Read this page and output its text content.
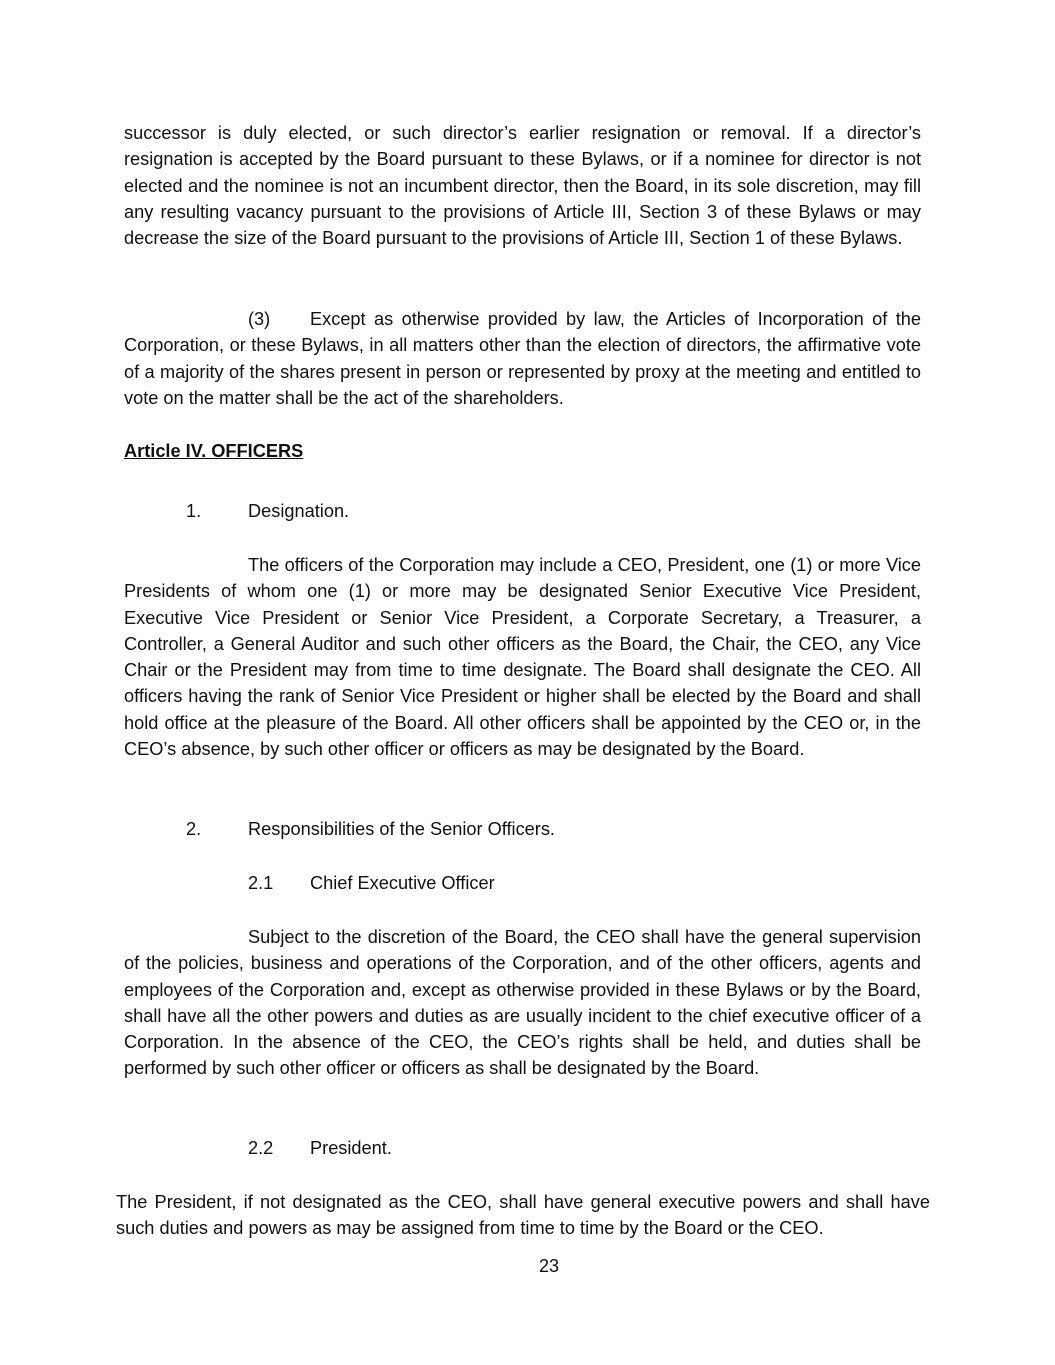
successor is duly elected, or such director’s earlier resignation or removal. If a director’s resignation is accepted by the Board pursuant to these Bylaws, or if a nominee for director is not elected and the nominee is not an incumbent director, then the Board, in its sole discretion, may fill any resulting vacancy pursuant to the provisions of Article III, Section 3 of these Bylaws or may decrease the size of the Board pursuant to the provisions of Article III, Section 1 of these Bylaws.

(3)	Except as otherwise provided by law, the Articles of Incorporation of the Corporation, or these Bylaws, in all matters other than the election of directors, the affirmative vote of a majority of the shares present in person or represented by proxy at the meeting and entitled to vote on the matter shall be the act of the shareholders.

Article IV. OFFICERS

1.	Designation.

The officers of the Corporation may include a CEO, President, one (1) or more Vice Presidents of whom one (1) or more may be designated Senior Executive Vice President, Executive Vice President or Senior Vice President, a Corporate Secretary, a Treasurer, a Controller, a General Auditor and such other officers as the Board, the Chair, the CEO, any Vice Chair or the President may from time to time designate. The Board shall designate the CEO. All officers having the rank of Senior Vice President or higher shall be elected by the Board and shall hold office at the pleasure of the Board. All other officers shall be appointed by the CEO or, in the CEO’s absence, by such other officer or officers as may be designated by the Board.

2.	Responsibilities of the Senior Officers.

2.1 Chief Executive Officer

Subject to the discretion of the Board, the CEO shall have the general supervision of the policies, business and operations of the Corporation, and of the other officers, agents and employees of the Corporation and, except as otherwise provided in these Bylaws or by the Board, shall have all the other powers and duties as are usually incident to the chief executive officer of a Corporation. In the absence of the CEO, the CEO’s rights shall be held, and duties shall be performed by such other officer or officers as shall be designated by the Board.

2.2 President.

The President, if not designated as the CEO, shall have general executive powers and shall have such duties and powers as may be assigned from time to time by the Board or the CEO.

23
